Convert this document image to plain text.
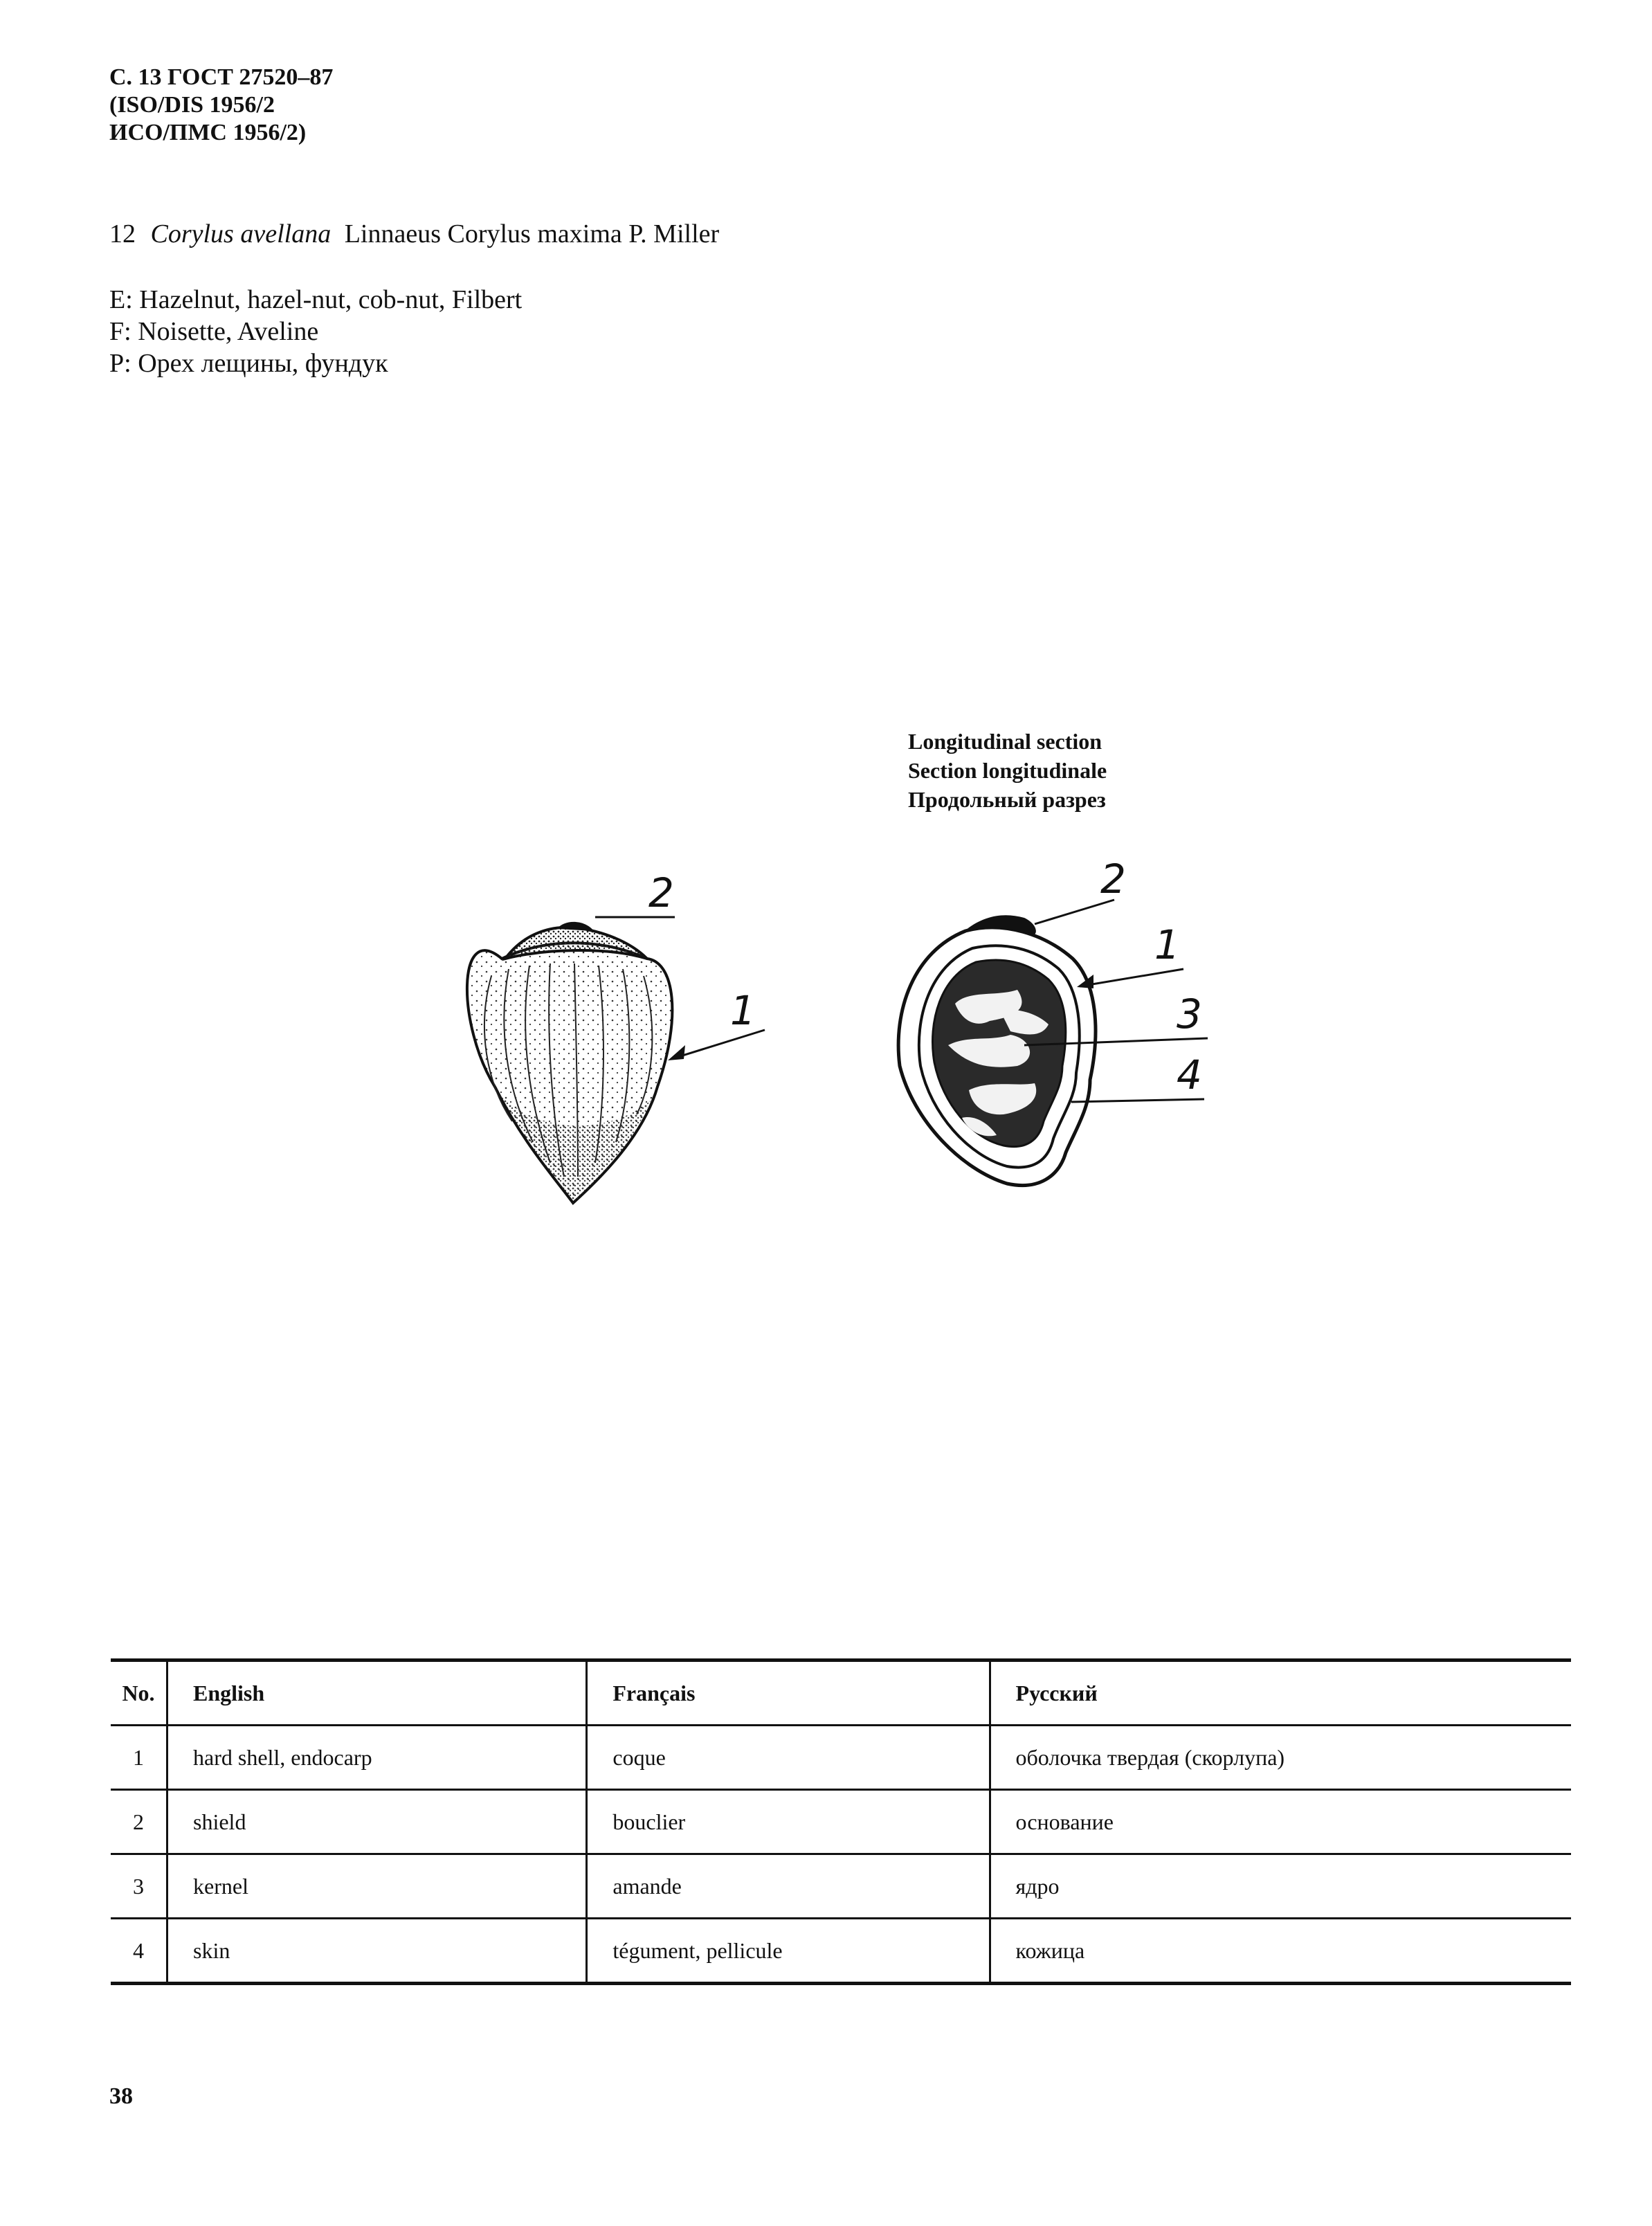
С. 13 ГОСТ 27520–87
(ISO/DIS 1956/2
ИСО/ПМС 1956/2)
12 Corylus avellana Linnaeus Corylus maxima P. Miller
E: Hazelnut, hazel-nut, cob-nut, Filbert
F: Noisette, Aveline
P: Орех лещины, фундук
Longitudinal section
Section longitudinale
Продольный разрез
2
1
2
1
3
4
No.	English	Français	Русский
1	hard shell, endocarp	coque	оболочка твердая (скорлупа)
2	shield	bouclier	основание
3	kernel	amande	ядро
4	skin	tégument, pellicule	кожица
38
